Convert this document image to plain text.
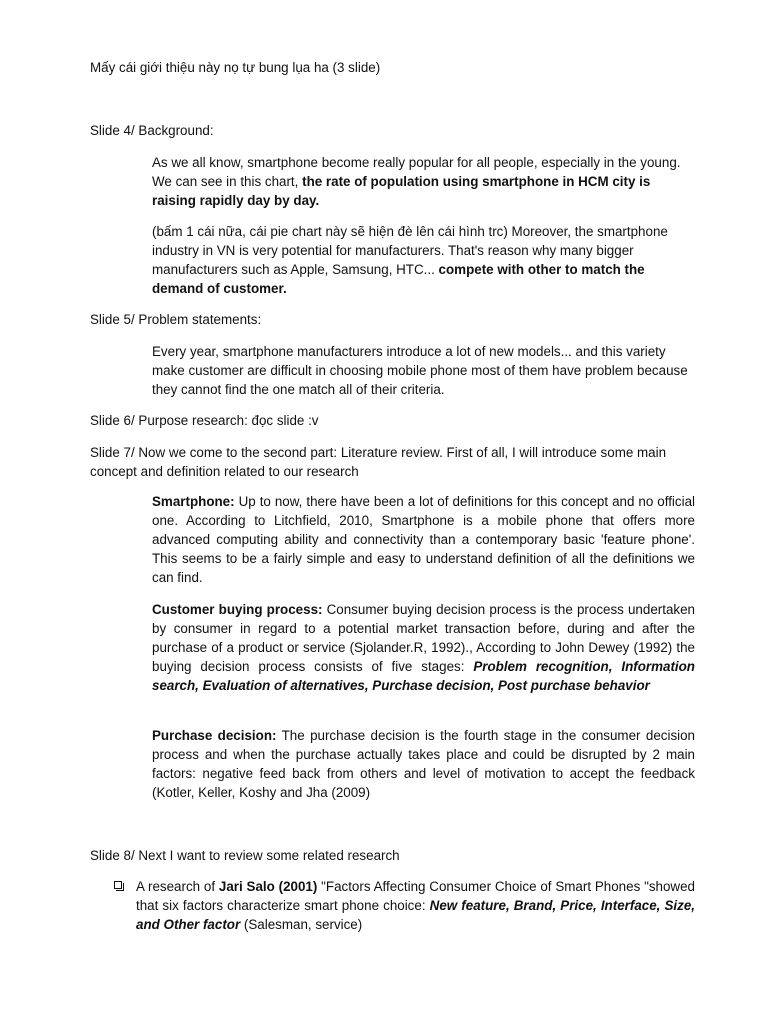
Mấy cái giới thiệu này nọ tự bung lụa ha (3 slide)

Slide 4/ Background:

As we all know, smartphone become really popular for all people, especially in the young. We can see in this chart, the rate of population using smartphone in HCM city is raising rapidly day by day.

(bấm 1 cái nữa, cái pie chart này sẽ hiện đè lên cái hình trc) Moreover, the smartphone industry in VN is very potential for manufacturers. That's reason why many bigger manufacturers such as Apple, Samsung, HTC... compete with other to match the demand of customer.

Slide 5/ Problem statements:

Every year, smartphone manufacturers introduce a lot of new models... and this variety make customer are difficult in choosing mobile phone most of them have problem because they cannot find the one match all of their criteria.

Slide 6/ Purpose research: đọc slide :v

Slide 7/ Now we come to the second part: Literature review. First of all, I will introduce some main concept and definition related to our research

Smartphone: Up to now, there have been a lot of definitions for this concept and no official one. According to Litchfield, 2010, Smartphone is a mobile phone that offers more advanced computing ability and connectivity than a contemporary basic 'feature phone'. This seems to be a fairly simple and easy to understand definition of all the definitions we can find.

Customer buying process: Consumer buying decision process is the process undertaken by consumer in regard to a potential market transaction before, during and after the purchase of a product or service (Sjolander.R, 1992)., According to John Dewey (1992) the buying decision process consists of five stages: Problem recognition, Information search, Evaluation of alternatives, Purchase decision, Post purchase behavior

Purchase decision: The purchase decision is the fourth stage in the consumer decision process and when the purchase actually takes place and could be disrupted by 2 main factors: negative feed back from others and level of motivation to accept the feedback (Kotler, Keller, Koshy and Jha (2009)

Slide 8/ Next I want to review some related research

A research of Jari Salo (2001) "Factors Affecting Consumer Choice of Smart Phones "showed that six factors characterize smart phone choice: New feature, Brand, Price, Interface, Size, and Other factor (Salesman, service)
